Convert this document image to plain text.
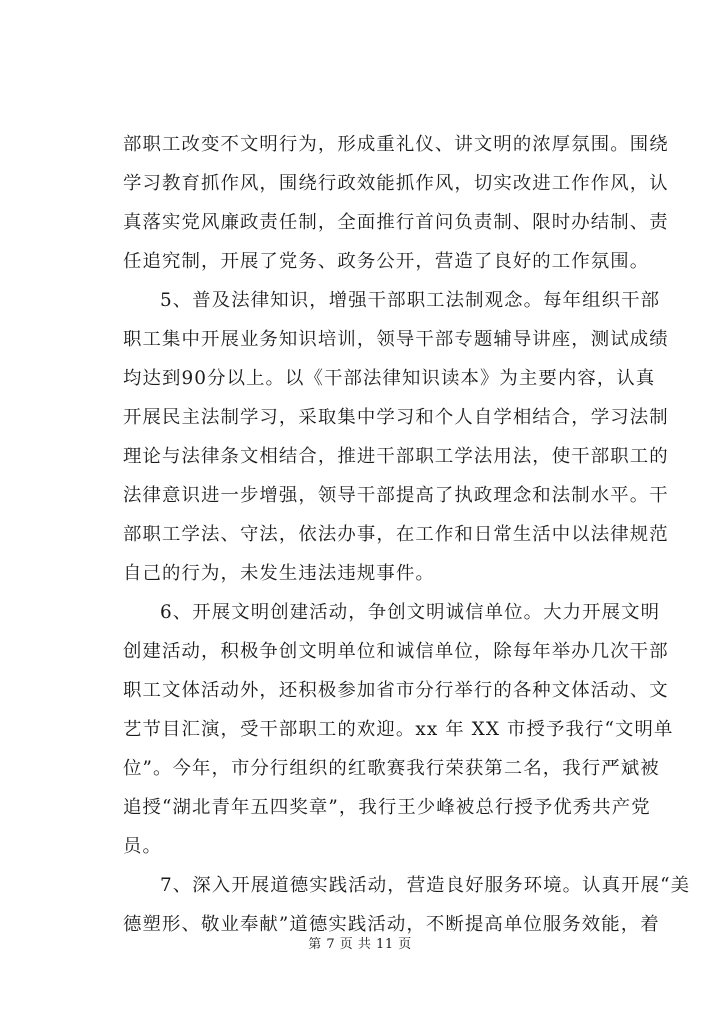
部职工改变不文明行为，形成重礼仪、讲文明的浓厚氛围。围绕
学习教育抓作风，围绕行政效能抓作风，切实改进工作作风，认
真落实党风廉政责任制，全面推行首问负责制、限时办结制、责
任追究制，开展了党务、政务公开，营造了良好的工作氛围。
5、普及法律知识，增强干部职工法制观念。每年组织干部
职工集中开展业务知识培训，领导干部专题辅导讲座，测试成绩
均达到90分以上。以《干部法律知识读本》为主要内容，认真
开展民主法制学习，采取集中学习和个人自学相结合，学习法制
理论与法律条文相结合，推进干部职工学法用法，使干部职工的
法律意识进一步增强，领导干部提高了执政理念和法制水平。干
部职工学法、守法，依法办事，在工作和日常生活中以法律规范
自己的行为，未发生违法违规事件。
6、开展文明创建活动，争创文明诚信单位。大力开展文明
创建活动，积极争创文明单位和诚信单位，除每年举办几次干部
职工文体活动外，还积极参加省市分行举行的各种文体活动、文
艺节目汇演，受干部职工的欢迎。xx 年 XX 市授予我行“文明单
位”。今年，市分行组织的红歌赛我行荣获第二名，我行严斌被
追授“湖北青年五四奖章”，我行王少峰被总行授予优秀共产党
员。
7、深入开展道德实践活动，营造良好服务环境。认真开展“美
德塑形、敬业奉献”道德实践活动，不断提高单位服务效能，着
第 7 页 共 11 页
